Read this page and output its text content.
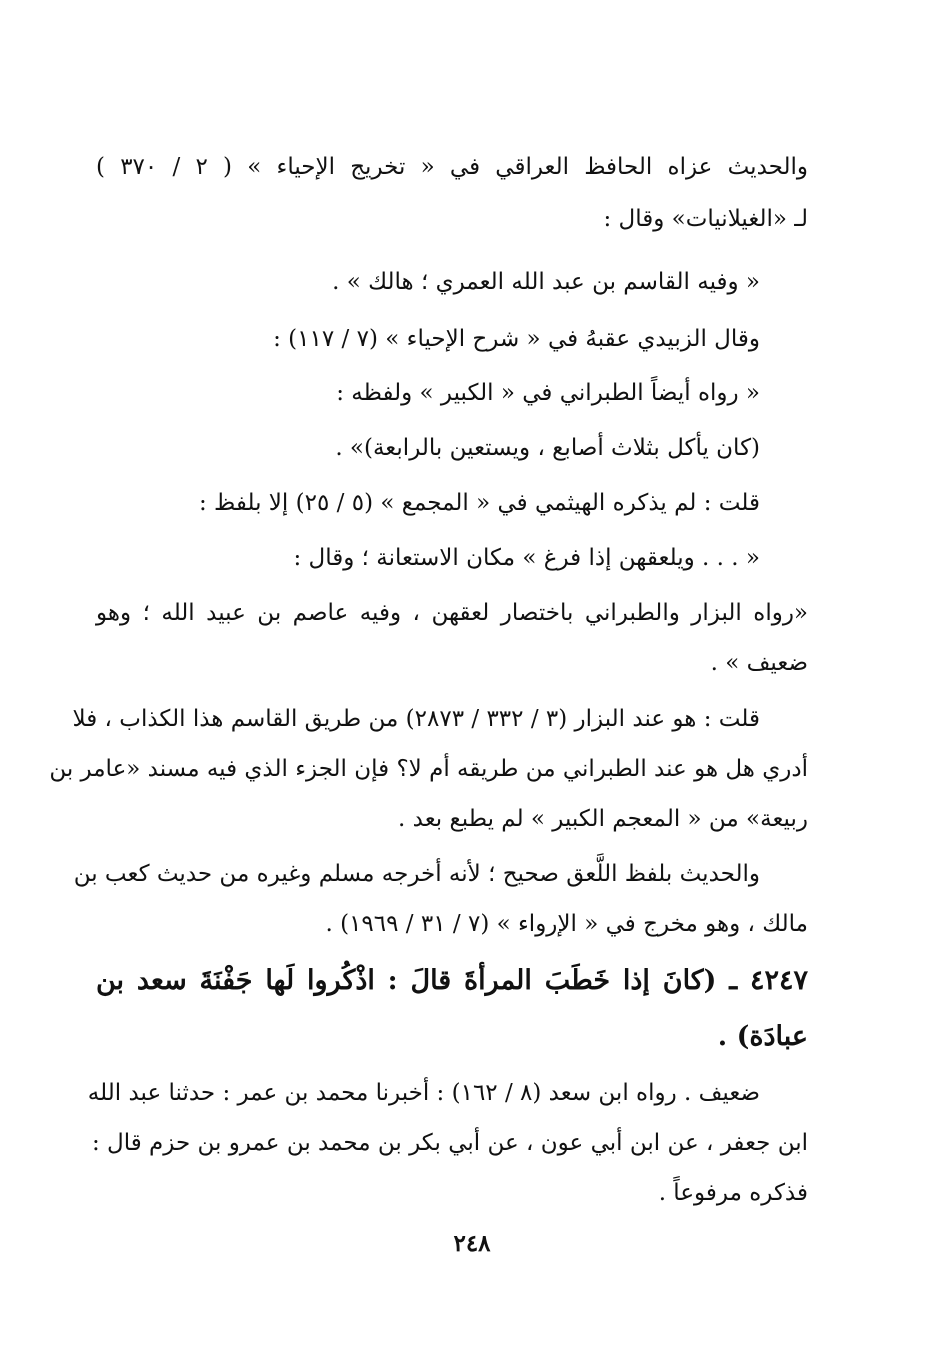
والحديث عزاه الحافظ العراقي في « تخريج الإحياء » ( ٢ / ٣٧٠ )
لـ «الغيلانيات» وقال :
« وفيه القاسم بن عبد الله العمري ؛ هالك » .
وقال الزبيدي عقبهُ في « شرح الإحياء » (٧ / ١١٧) :
« رواه أيضاً الطبراني في « الكبير » ولفظه :
(كان يأكل بثلاث أصابع ، ويستعين بالرابعة)» .
قلت : لم يذكره الهيثمي في « المجمع » (٥ / ٢٥) إلا بلفظ :
« . . . ويلعقهن إذا فرغ » مكان الاستعانة ؛ وقال :
«رواه البزار والطبراني باختصار لعقهن ، وفيه عاصم بن عبيد الله ؛ وهو
ضعيف » .
قلت : هو عند البزار (٣ / ٣٣٢ / ٢٨٧٣) من طريق القاسم هذا الكذاب ، فلا
أدري هل هو عند الطبراني من طريقه أم لا؟ فإن الجزء الذي فيه مسند «عامر بن
ربيعة» من « المعجم الكبير » لم يطبع بعد .
والحديث بلفظ اللَّعق صحيح ؛ لأنه أخرجه مسلم وغيره من حديث كعب بن
مالك ، وهو مخرج في « الإرواء » (٧ / ٣١ / ١٩٦٩) .
٤٢٤٧ ـ (كانَ إذا خَطَبَ المرأةَ قالَ : اذْكُروا لَها جَفْنَةَ سعد بن
عبادَة) .
ضعيف . رواه ابن سعد (٨ / ١٦٢) : أخبرنا محمد بن عمر : حدثنا عبد الله
ابن جعفر ، عن ابن أبي عون ، عن أبي بكر بن محمد بن عمرو بن حزم قال :
فذكره مرفوعاً .
٢٤٨
